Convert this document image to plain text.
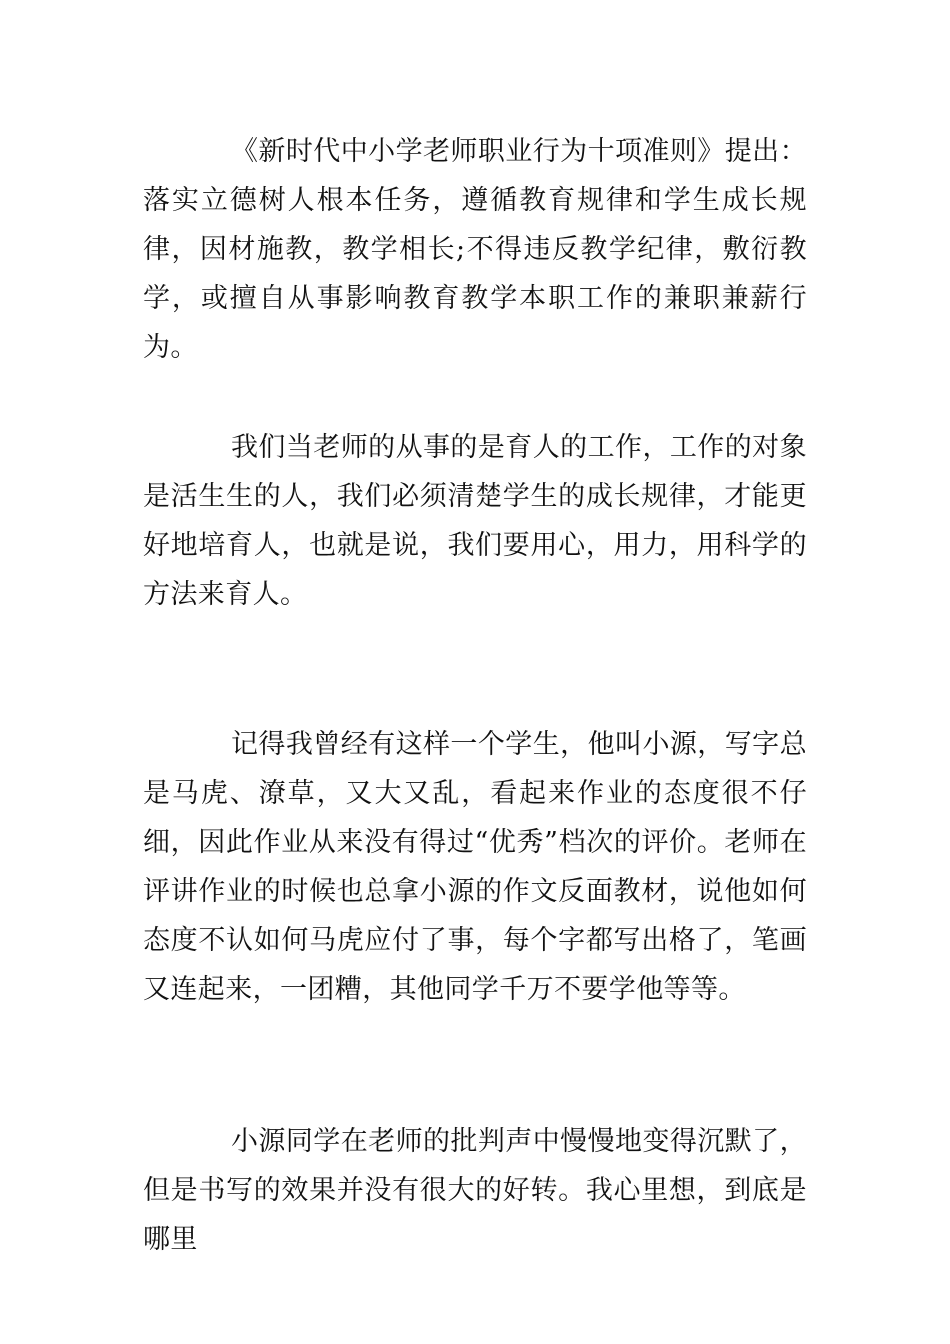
《新时代中小学老师职业行为十项准则》提出：落实立德树人根本任务，遵循教育规律和学生成长规律，因材施教，教学相长;不得违反教学纪律，敷衍教学，或擅自从事影响教育教学本职工作的兼职兼薪行为。

我们当老师的从事的是育人的工作，工作的对象是活生生的人，我们必须清楚学生的成长规律，才能更好地培育人，也就是说，我们要用心，用力，用科学的方法来育人。

记得我曾经有这样一个学生，他叫小源，写字总是马虎、潦草，又大又乱，看起来作业的态度很不仔细，因此作业从来没有得过“优秀”档次的评价。老师在评讲作业的时候也总拿小源的作文反面教材，说他如何态度不认如何马虎应付了事，每个字都写出格了，笔画又连起来，一团糟，其他同学千万不要学他等等。

小源同学在老师的批判声中慢慢地变得沉默了，但是书写的效果并没有很大的好转。我心里想，到底是哪里
